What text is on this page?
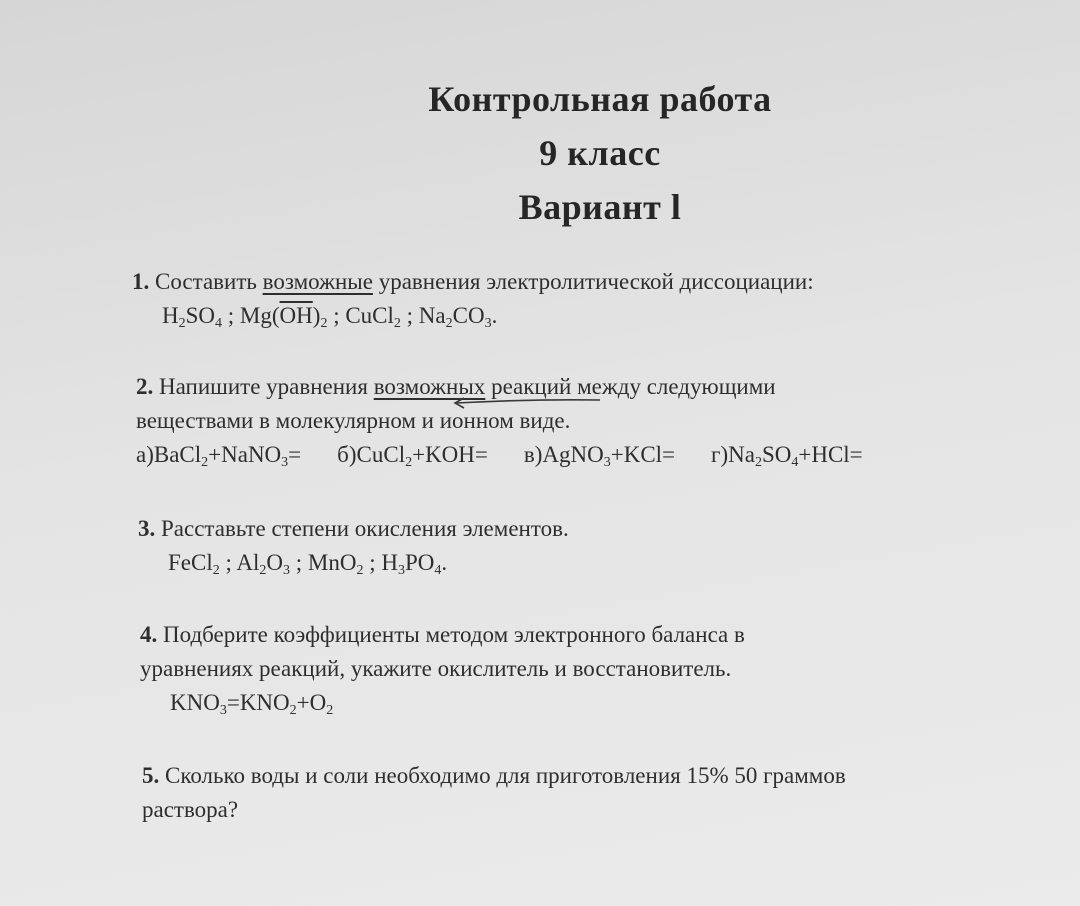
Контрольная работа
9 класс
Вариант l
1. Составить возможные уравнения электролитической диссоциации:
$H_2SO_4$ ; $Mg(\overline{OH})_2$ ; CuCl$_2$ ; $Na_2CO_3$.
2. Напишите уравнения возможных реакций между следующими
веществами в молекулярном и ионном виде.
а)BaCl$_2$+NaNO$_3$= б)CuCl$_2$+KOH= в)AgNO$_3$+KCl= $г)Na_2SO_4+HCl=$
3. Расставьте степени окисления элементов.
FeCl$_2$ ; $Al_2O_3$ ; MnO$_2$ ; $H_3PO_4$.
4. Подберите коэффициенты методом электронного баланса в
уравнениях реакций, укажите окислитель и восстановитель.
$KNO_3=KNO_2+O_2$
5. Сколько воды и соли необходимо для приготовления 15% 50 граммов
раствора?
